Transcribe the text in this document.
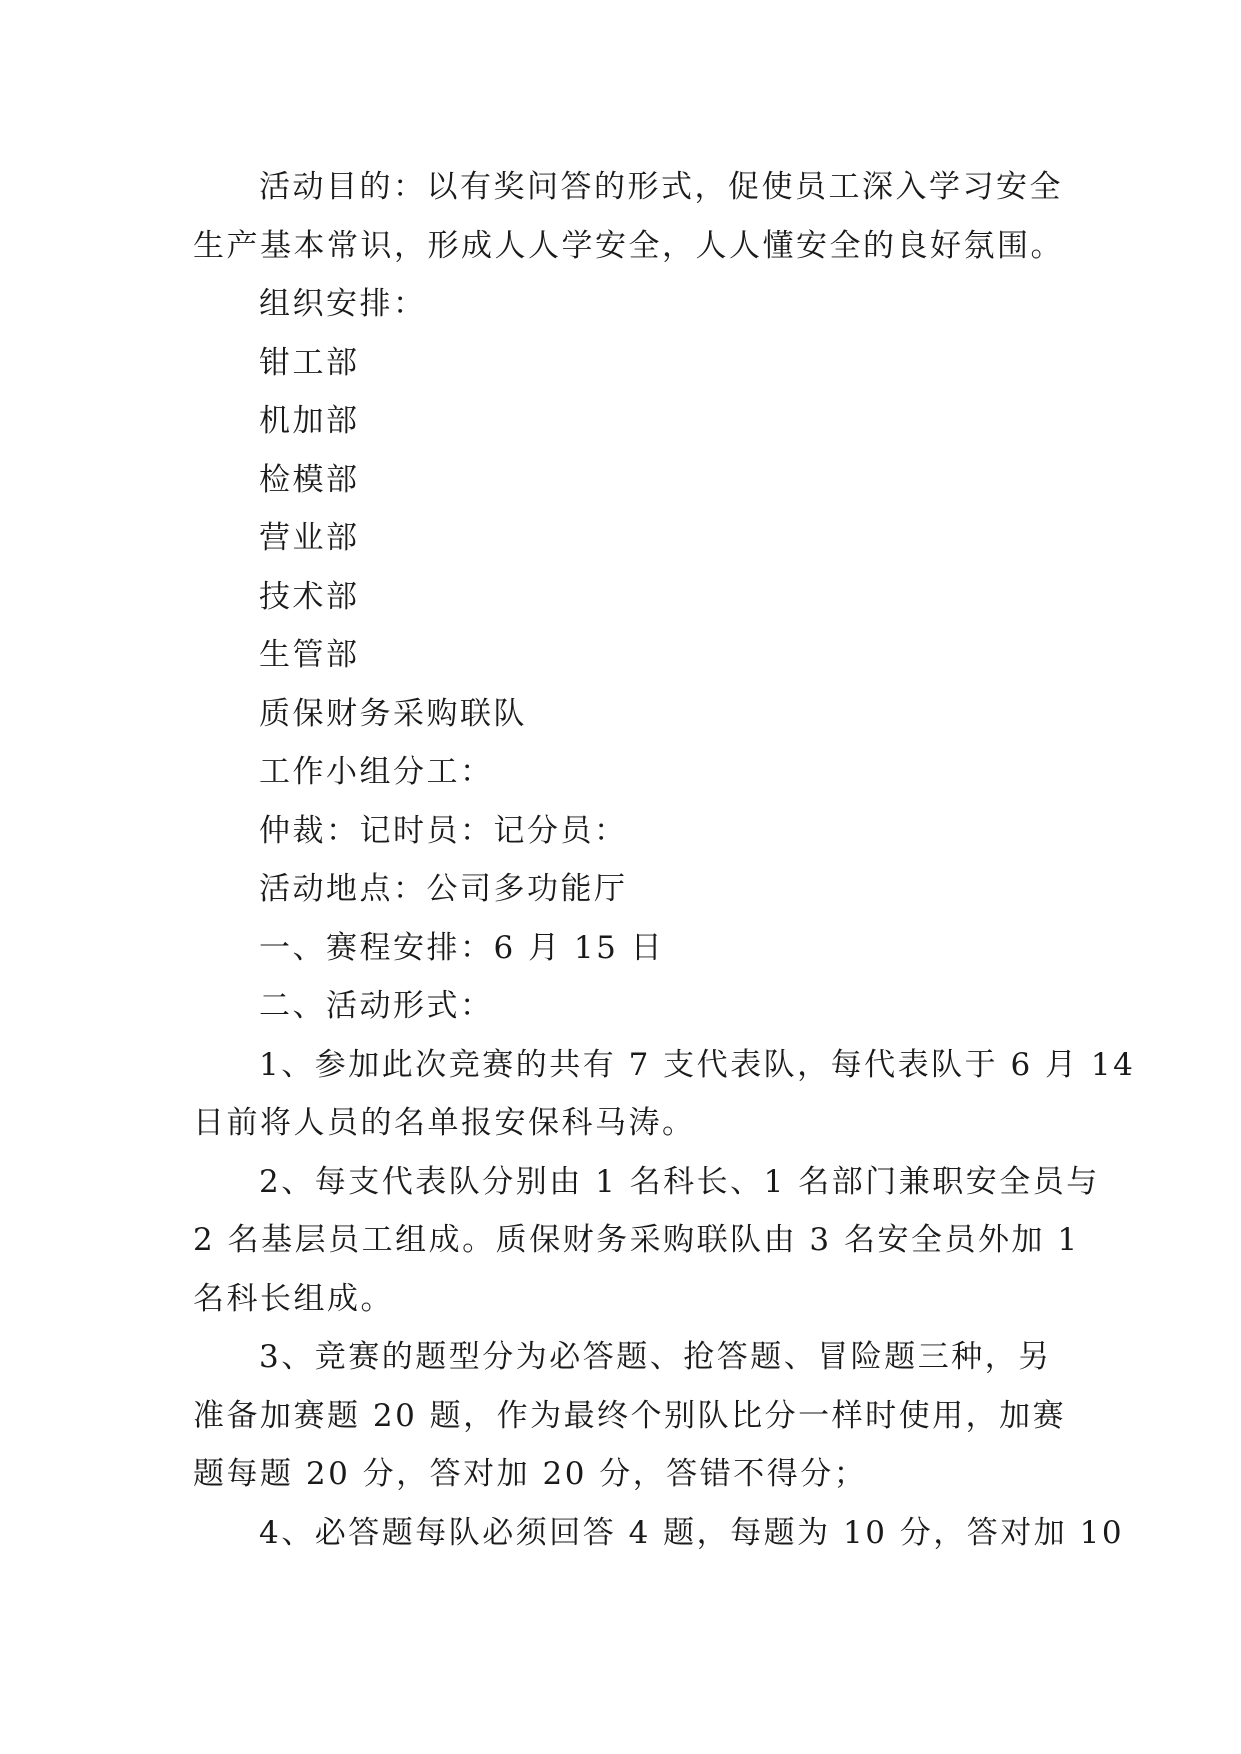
活动目的：以有奖问答的形式，促使员工深入学习安全
生产基本常识，形成人人学安全，人人懂安全的良好氛围。

组织安排：

钳工部

机加部

检模部

营业部

技术部

生管部

质保财务采购联队

工作小组分工：

仲裁：记时员：记分员：

活动地点：公司多功能厅

一、赛程安排：6 月 15 日

二、活动形式：

1、参加此次竞赛的共有 7 支代表队，每代表队于 6 月 14
日前将人员的名单报安保科马涛。

2、每支代表队分别由 1 名科长、1 名部门兼职安全员与
2 名基层员工组成。质保财务采购联队由 3 名安全员外加 1
名科长组成。

3、竞赛的题型分为必答题、抢答题、冒险题三种，另
准备加赛题 20 题，作为最终个别队比分一样时使用，加赛
题每题 20 分，答对加 20 分，答错不得分；

4、必答题每队必须回答 4 题，每题为 10 分，答对加 10
